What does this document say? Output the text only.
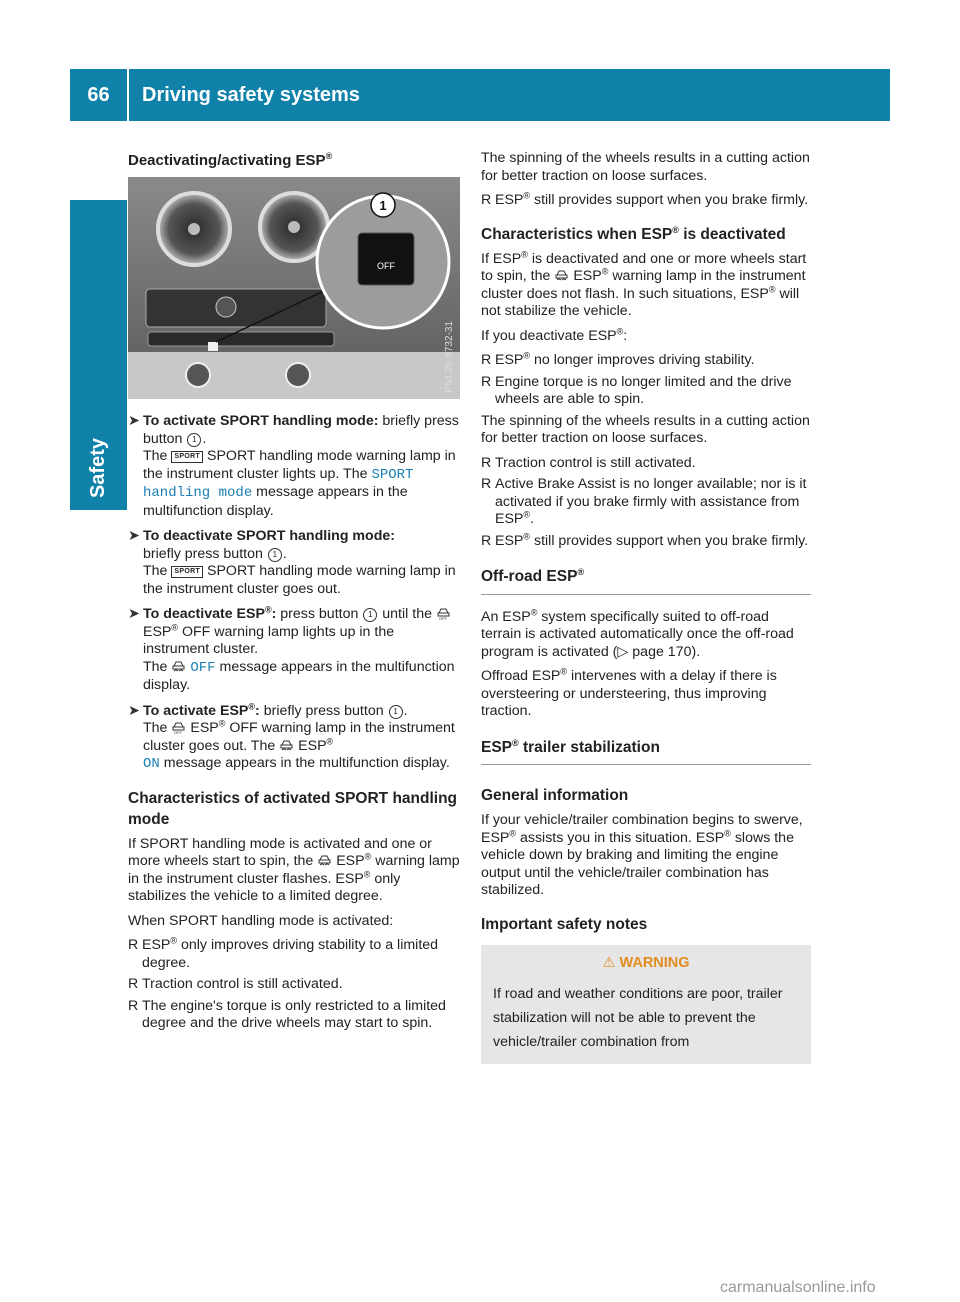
66	Driving safety systems
Safety
Deactivating/activating ESP®
OFF
1
P54.25-9732-31
➤ To activate SPORT handling mode: briefly press button 1 .
The SPORT SPORT handling mode warning lamp in the instrument cluster lights up. The SPORT handling mode message appears in the multifunction display.
➤ To deactivate SPORT handling mode:
briefly press button 1 .
The SPORT SPORT handling mode warning lamp in the instrument cluster goes out.
➤ To deactivate ESP®: press button 1 until the OFF
ESP® OFF warning lamp lights up in the instrument cluster.
The OFF message appears in the multifunction display.
➤ To activate ESP®: briefly press button 1 .
The OFF ESP® OFF warning lamp in the instrument cluster goes out. The ESP®
ON message appears in the multifunction display.
Characteristics of activated SPORT handling mode

If SPORT handling mode is activated and one or more wheels start to spin, the ESP® warning lamp in the instrument cluster flashes. ESP® only stabilizes the vehicle to a limited degree.

When SPORT handling mode is activated:

R ESP® only improves driving stability to a limited degree.
R Traction control is still activated.
R The engine's torque is only restricted to a limited degree and the drive wheels may start to spin.

The spinning of the wheels results in a cutting action for better traction on loose surfaces.

R ESP® still provides support when you brake firmly.
Characteristics when ESP® is deactivated

If ESP® is deactivated and one or more wheels start to spin, the ESP® warning lamp in the instrument cluster does not flash. In such situations, ESP® will not stabilize the vehicle.

If you deactivate ESP®:

R ESP® no longer improves driving stability.
R Engine torque is no longer limited and the drive wheels are able to spin.

The spinning of the wheels results in a cutting action for better traction on loose surfaces.

R Traction control is still activated.
R Active Brake Assist is no longer available; nor is it activated if you brake firmly with assistance from ESP®.
R ESP® still provides support when you brake firmly.
Off-road ESP®

An ESP® system specifically suited to off-road terrain is activated automatically once the off-road program is activated (▷ page 170).

Offroad ESP® intervenes with a delay if there is oversteering or understeering, thus improving traction.

ESP® trailer stabilization
General information

If your vehicle/trailer combination begins to swerve, ESP® assists you in this situation. ESP® slows the vehicle down by braking and limiting the engine output until the vehicle/trailer combination has stabilized.

Important safety notes
⚠ WARNING

If road and weather conditions are poor, trailer stabilization will not be able to prevent the vehicle/trailer combination from

carmanualsonline.info
